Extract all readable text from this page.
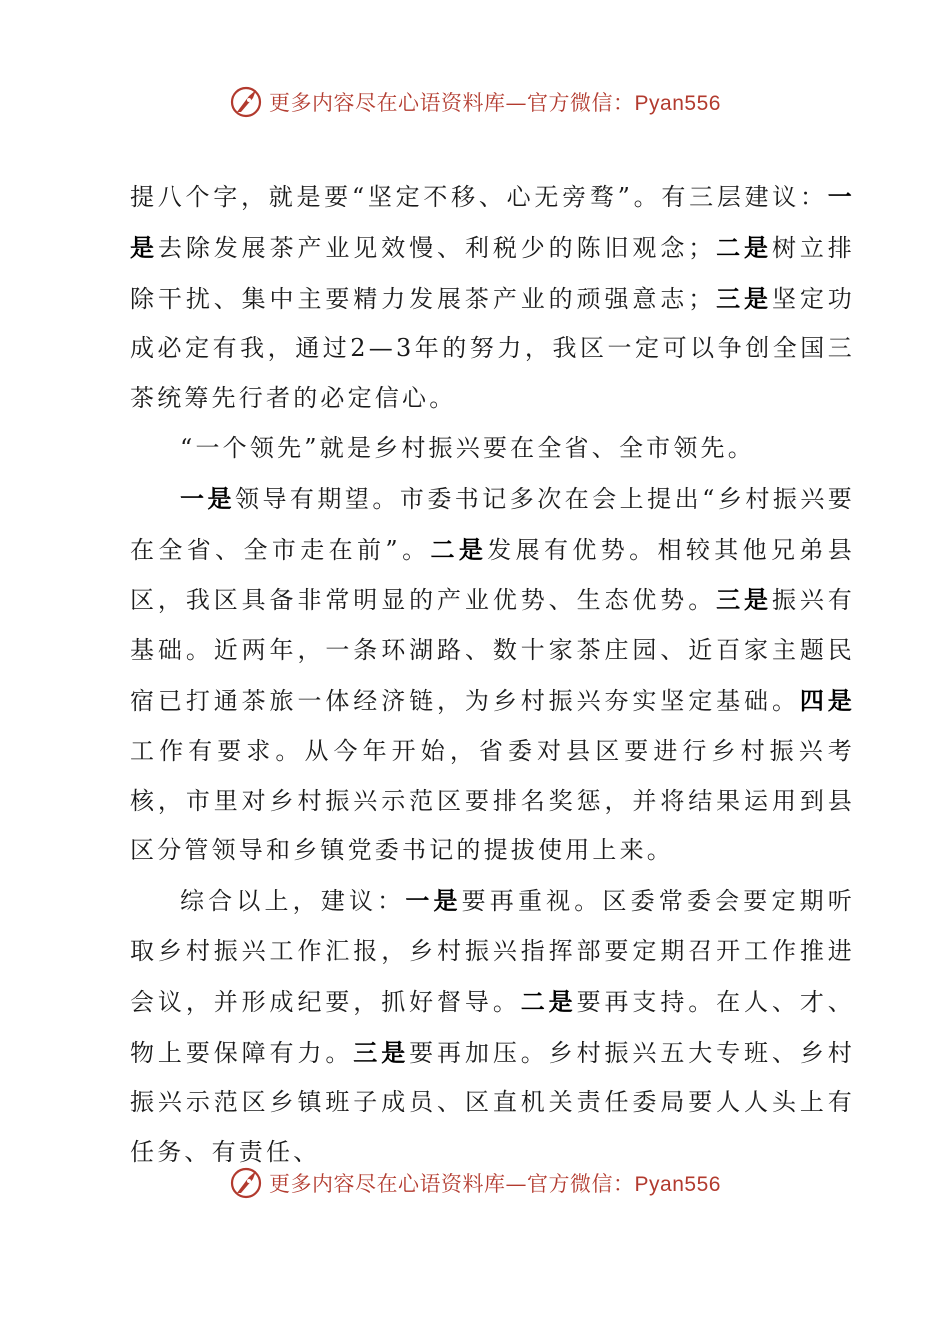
更多内容尽在心语资料库—官方微信：Pyan556

提八个字，就是要“坚定不移、心无旁骛”。有三层建议：一是去除发展茶产业见效慢、利税少的陈旧观念；二是树立排除干扰、集中主要精力发展茶产业的顽强意志；三是坚定功成必定有我，通过2—3年的努力，我区一定可以争创全国三茶统筹先行者的必定信心。

“一个领先”就是乡村振兴要在全省、全市领先。

一是领导有期望。市委书记多次在会上提出“乡村振兴要在全省、全市走在前”。二是发展有优势。相较其他兄弟县区，我区具备非常明显的产业优势、生态优势。三是振兴有基础。近两年，一条环湖路、数十家茶庄园、近百家主题民宿已打通茶旅一体经济链，为乡村振兴夯实坚定基础。四是工作有要求。从今年开始，省委对县区要进行乡村振兴考核，市里对乡村振兴示范区要排名奖惩，并将结果运用到县区分管领导和乡镇党委书记的提拔使用上来。

综合以上，建议：一是要再重视。区委常委会要定期听取乡村振兴工作汇报，乡村振兴指挥部要定期召开工作推进会议，并形成纪要，抓好督导。二是要再支持。在人、才、物上要保障有力。三是要再加压。乡村振兴五大专班、乡村振兴示范区乡镇班子成员、区直机关责任委局要人人头上有任务、有责任、

更多内容尽在心语资料库—官方微信：Pyan556
